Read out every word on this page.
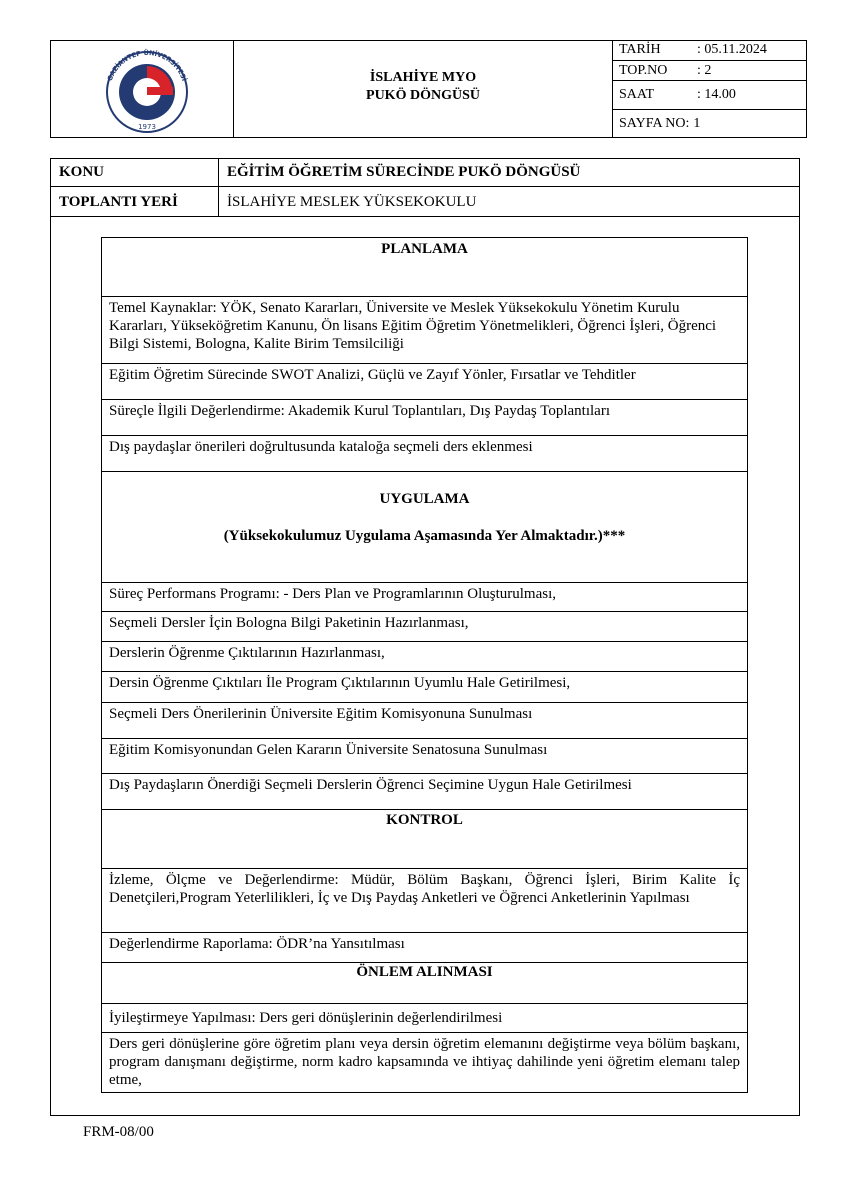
GAZİANTEP ÜNİVERSİTESİ
1973
İSLAHİYE MYO
PUKÖ DÖNGÜSÜ
TARİH	: 05.11.2024
TOP.NO	: 2
SAAT	: 14.00
SAYFA NO: 1
KONU	EĞİTİM ÖĞRETİM SÜRECİNDE PUKÖ DÖNGÜSÜ
TOPLANTI YERİ	İSLAHİYE MESLEK YÜKSEKOKULU
PLANLAMA
Temel Kaynaklar: YÖK, Senato Kararları, Üniversite ve Meslek Yüksekokulu Yönetim Kurulu Kararları, Yükseköğretim Kanunu, Ön lisans Eğitim Öğretim Yönetmelikleri, Öğrenci İşleri, Öğrenci Bilgi Sistemi, Bologna, Kalite Birim Temsilciliği
Eğitim Öğretim Sürecinde SWOT Analizi, Güçlü ve Zayıf Yönler, Fırsatlar ve Tehditler
Süreçle İlgili Değerlendirme: Akademik Kurul Toplantıları, Dış Paydaş Toplantıları
Dış paydaşlar önerileri doğrultusunda kataloğa seçmeli ders eklenmesi
UYGULAMA
(Yüksekokulumuz Uygulama Aşamasında Yer Almaktadır.)***
Süreç Performans Programı: - Ders Plan ve Programlarının Oluşturulması,
Seçmeli Dersler İçin Bologna Bilgi Paketinin Hazırlanması,
Derslerin Öğrenme Çıktılarının Hazırlanması,
Dersin Öğrenme Çıktıları İle Program Çıktılarının Uyumlu Hale Getirilmesi,
Seçmeli Ders Önerilerinin Üniversite Eğitim Komisyonuna Sunulması
Eğitim Komisyonundan Gelen Kararın Üniversite Senatosuna Sunulması
Dış Paydaşların Önerdiği Seçmeli Derslerin Öğrenci Seçimine Uygun Hale Getirilmesi
KONTROL
İzleme, Ölçme ve Değerlendirme: Müdür, Bölüm Başkanı, Öğrenci İşleri, Birim Kalite İç Denetçileri,Program Yeterlilikleri, İç ve Dış Paydaş Anketleri ve Öğrenci Anketlerinin Yapılması
Değerlendirme Raporlama: ÖDR’na Yansıtılması
ÖNLEM ALINMASI
İyileştirmeye Yapılması: Ders geri dönüşlerinin değerlendirilmesi
Ders geri dönüşlerine göre öğretim planı veya dersin öğretim elemanını değiştirme veya bölüm başkanı, program danışmanı değiştirme, norm kadro kapsamında ve ihtiyaç dahilinde yeni öğretim elemanı talep etme,
FRM-08/00
